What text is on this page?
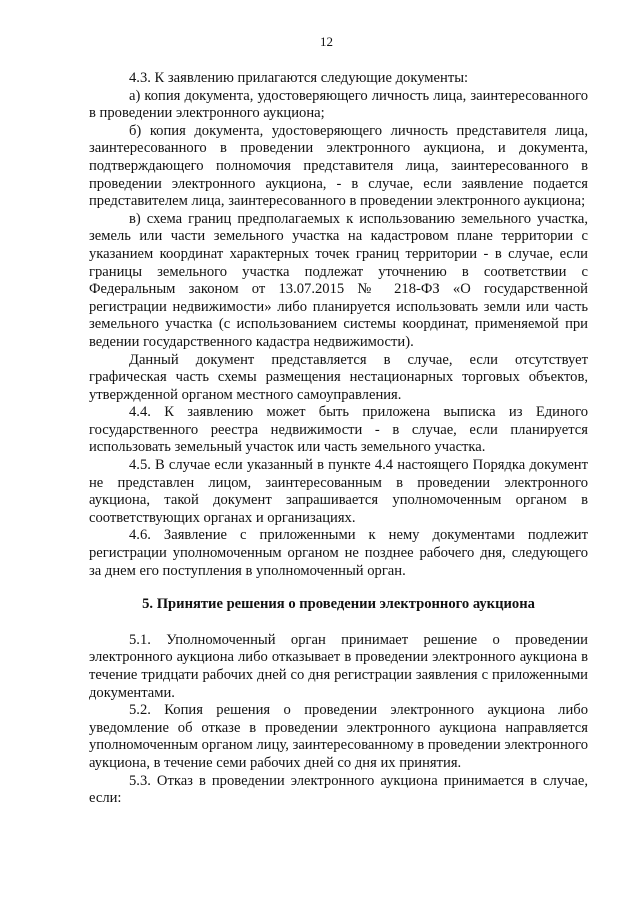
12

4.3. К заявлению прилагаются следующие документы:

а) копия документа, удостоверяющего личность лица, заинтересованного в проведении электронного аукциона;

б) копия документа, удостоверяющего личность представителя лица, заинтересованного в проведении электронного аукциона, и документа, подтверждающего полномочия представителя лица, заинтересованного в проведении электронного аукциона, - в случае, если заявление подается представителем лица, заинтересованного в проведении электронного аукциона;

в) схема границ предполагаемых к использованию земельного участка, земель или части земельного участка на кадастровом плане территории с указанием координат характерных точек границ территории - в случае, если границы земельного участка подлежат уточнению в соответствии с Федеральным законом от 13.07.2015 № 218-ФЗ «О государственной регистрации недвижимости» либо планируется использовать земли или часть земельного участка (с использованием системы координат, применяемой при ведении государственного кадастра недвижимости).

Данный документ представляется в случае, если отсутствует графическая часть схемы размещения нестационарных торговых объектов, утвержденной органом местного самоуправления.

4.4. К заявлению может быть приложена выписка из Единого государственного реестра недвижимости - в случае, если планируется использовать земельный участок или часть земельного участка.

4.5. В случае если указанный в пункте 4.4 настоящего Порядка документ не представлен лицом, заинтересованным в проведении электронного аукциона, такой документ запрашивается уполномоченным органом в соответствующих органах и организациях.

4.6. Заявление с приложенными к нему документами подлежит регистрации уполномоченным органом не позднее рабочего дня, следующего за днем его поступления в уполномоченный орган.

5. Принятие решения о проведении электронного аукциона

5.1. Уполномоченный орган принимает решение о проведении электронного аукциона либо отказывает в проведении электронного аукциона в течение тридцати рабочих дней со дня регистрации заявления с приложенными документами.

5.2. Копия решения о проведении электронного аукциона либо уведомление об отказе в проведении электронного аукциона направляется уполномоченным органом лицу, заинтересованному в проведении электронного аукциона, в течение семи рабочих дней со дня их принятия.

5.3. Отказ в проведении электронного аукциона принимается в случае, если:
